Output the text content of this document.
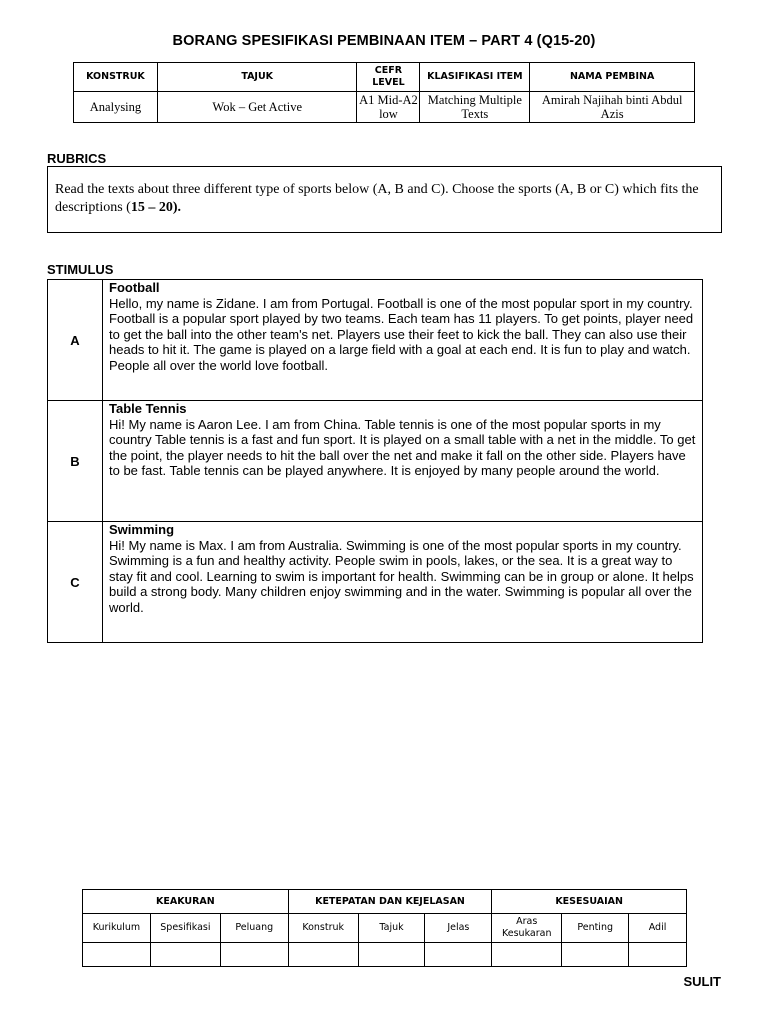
BORANG SPESIFIKASI PEMBINAAN ITEM – PART 4 (Q15-20)
KONSTRUK	TAJUK	CEFR LEVEL	KLASIFIKASI ITEM	NAMA PEMBINA
Analysing	Wok – Get Active	A1 Mid-A2 low	Matching Multiple Texts	Amirah Najihah binti Abdul Azis
RUBRICS
Read the texts about three different type of sports below (A, B and C). Choose the sports (A, B or C) which fits the descriptions (15 – 20).
STIMULUS
A	Football
Hello, my name is Zidane. I am from Portugal. Football is one of the most popular sport in my country. Football is a popular sport played by two teams. Each team has 11 players. To get points, player need to get the ball into the other team's net. Players use their feet to kick the ball. They can also use their heads to hit it. The game is played on a large field with a goal at each end. It is fun to play and watch. People all over the world love football.

B	Table Tennis
Hi! My name is Aaron Lee. I am from China. Table tennis is one of the most popular sports in my country Table tennis is a fast and fun sport. It is played on a small table with a net in the middle. To get the point, the player needs to hit the ball over the net and make it fall on the other side. Players have to be fast. Table tennis can be played anywhere. It is enjoyed by many people around the world.

C	Swimming
Hi! My name is Max. I am from Australia. Swimming is one of the most popular sports in my country. Swimming is a fun and healthy activity. People swim in pools, lakes, or the sea. It is a great way to stay fit and cool. Learning to swim is important for health. Swimming can be in group or alone. It helps build a strong body. Many children enjoy swimming and in the water. Swimming is popular all over the world.
KEAKURAN			KETEPATAN DAN KEJELASAN			KESESUAIAN		
Kurikulum	Spesifikasi	Peluang	Konstruk	Tajuk	Jelas	Aras Kesukaran	Penting	Adil

SULIT
